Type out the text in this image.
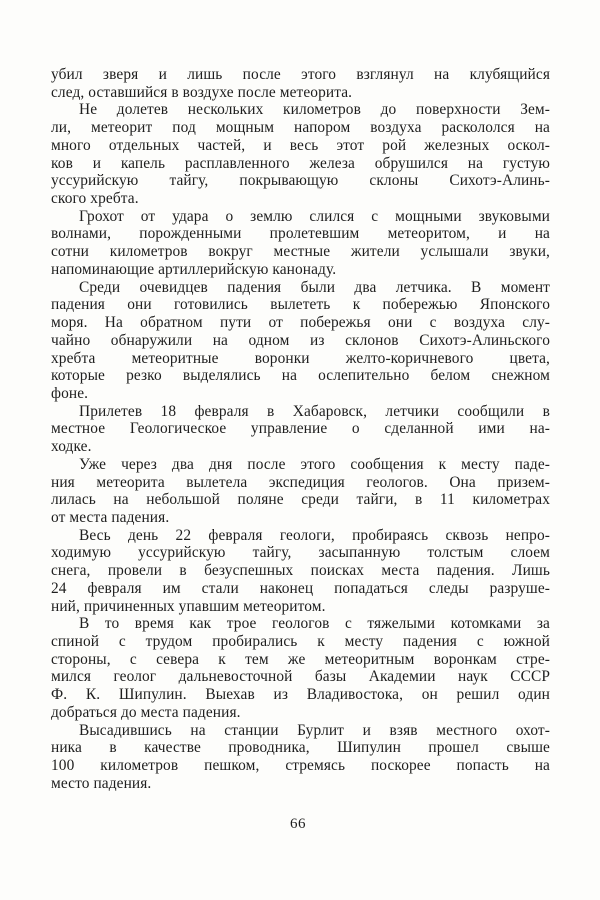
убил зверя и лишь после этого взглянул на клубящийся
след, оставшийся в воздухе после метеорита.
Не долетев нескольких километров до поверхности Зем-
ли, метеорит под мощным напором воздуха раскололся на
много отдельных частей, и весь этот рой железных оскол-
ков и капель расплавленного железа обрушился на густую
уссурийскую тайгу, покрывающую склоны Сихотэ-Алинь-
ского хребта.
Грохот от удара о землю слился с мощными звуковыми
волнами, порожденными пролетевшим метеоритом, и на
сотни километров вокруг местные жители услышали звуки,
напоминающие артиллерийскую канонаду.
Среди очевидцев падения были два летчика. В момент
падения они готовились вылететь к побережью Японского
моря. На обратном пути от побережья они с воздуха слу-
чайно обнаружили на одном из склонов Сихотэ-Алиньского
хребта метеоритные воронки желто-коричневого цвета,
которые резко выделялись на ослепительно белом снежном
фоне.
Прилетев 18 февраля в Хабаровск, летчики сообщили в
местное Геологическое управление о сделанной ими на-
ходке.
Уже через два дня после этого сообщения к месту паде-
ния метеорита вылетела экспедиция геологов. Она призем-
лилась на небольшой поляне среди тайги, в 11 километрах
от места падения.
Весь день 22 февраля геологи, пробираясь сквозь непро-
ходимую уссурийскую тайгу, засыпанную толстым слоем
снега, провели в безуспешных поисках места падения. Лишь
24 февраля им стали наконец попадаться следы разруше-
ний, причиненных упавшим метеоритом.
В то время как трое геологов с тяжелыми котомками за
спиной с трудом пробирались к месту падения с южной
стороны, с севера к тем же метеоритным воронкам стре-
мился геолог дальневосточной базы Академии наук СССР
Ф. К. Шипулин. Выехав из Владивостока, он решил один
добраться до места падения.
Высадившись на станции Бурлит и взяв местного охот-
ника в качестве проводника, Шипулин прошел свыше
100 километров пешком, стремясь поскорее попасть на
место падения.
66
